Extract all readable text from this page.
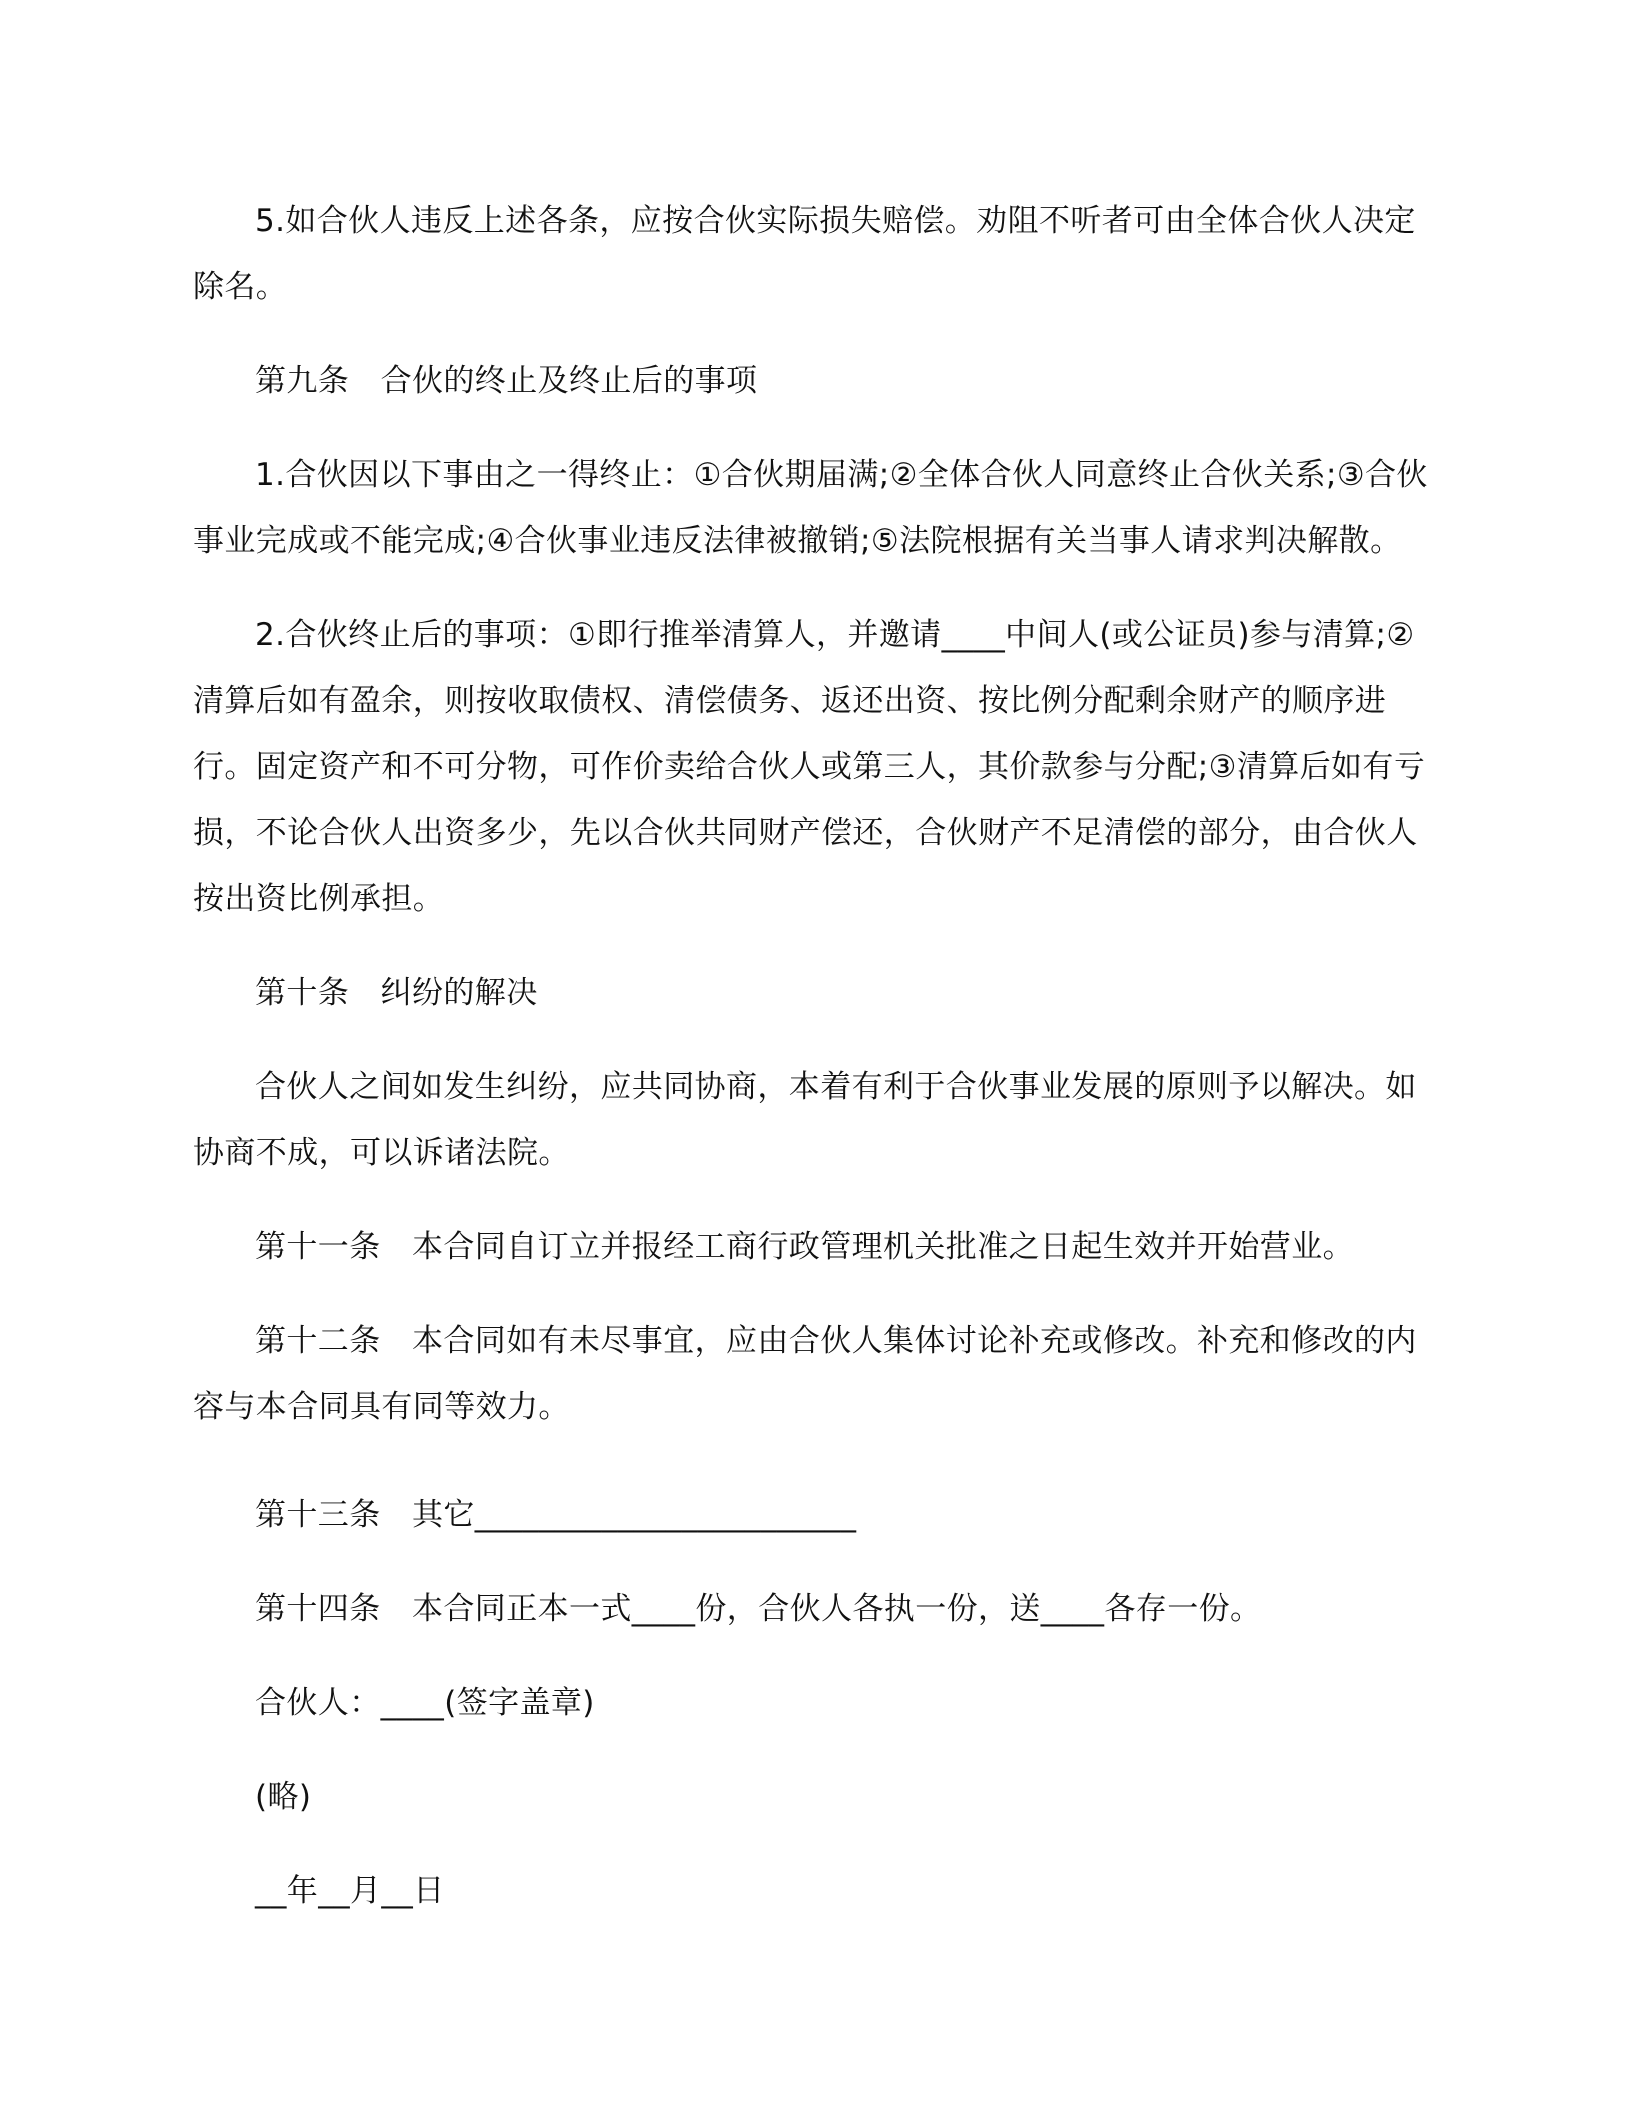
5.如合伙人违反上述各条，应按合伙实际损失赔偿。劝阻不听者可由全体合伙人决定除名。

第九条　合伙的终止及终止后的事项

1.合伙因以下事由之一得终止：①合伙期届满;②全体合伙人同意终止合伙关系;③合伙事业完成或不能完成;④合伙事业违反法律被撤销;⑤法院根据有关当事人请求判决解散。

2.合伙终止后的事项：①即行推举清算人，并邀请____中间人(或公证员)参与清算;②清算后如有盈余，则按收取债权、清偿债务、返还出资、按比例分配剩余财产的顺序进行。固定资产和不可分物，可作价卖给合伙人或第三人，其价款参与分配;③清算后如有亏损，不论合伙人出资多少，先以合伙共同财产偿还，合伙财产不足清偿的部分，由合伙人按出资比例承担。

第十条　纠纷的解决

合伙人之间如发生纠纷，应共同协商，本着有利于合伙事业发展的原则予以解决。如协商不成，可以诉诸法院。

第十一条　本合同自订立并报经工商行政管理机关批准之日起生效并开始营业。

第十二条　本合同如有未尽事宜，应由合伙人集体讨论补充或修改。补充和修改的内容与本合同具有同等效力。

第十三条　其它________________________

第十四条　本合同正本一式____份，合伙人各执一份，送____各存一份。

合伙人：____(签字盖章)

(略)

__年__月__日
